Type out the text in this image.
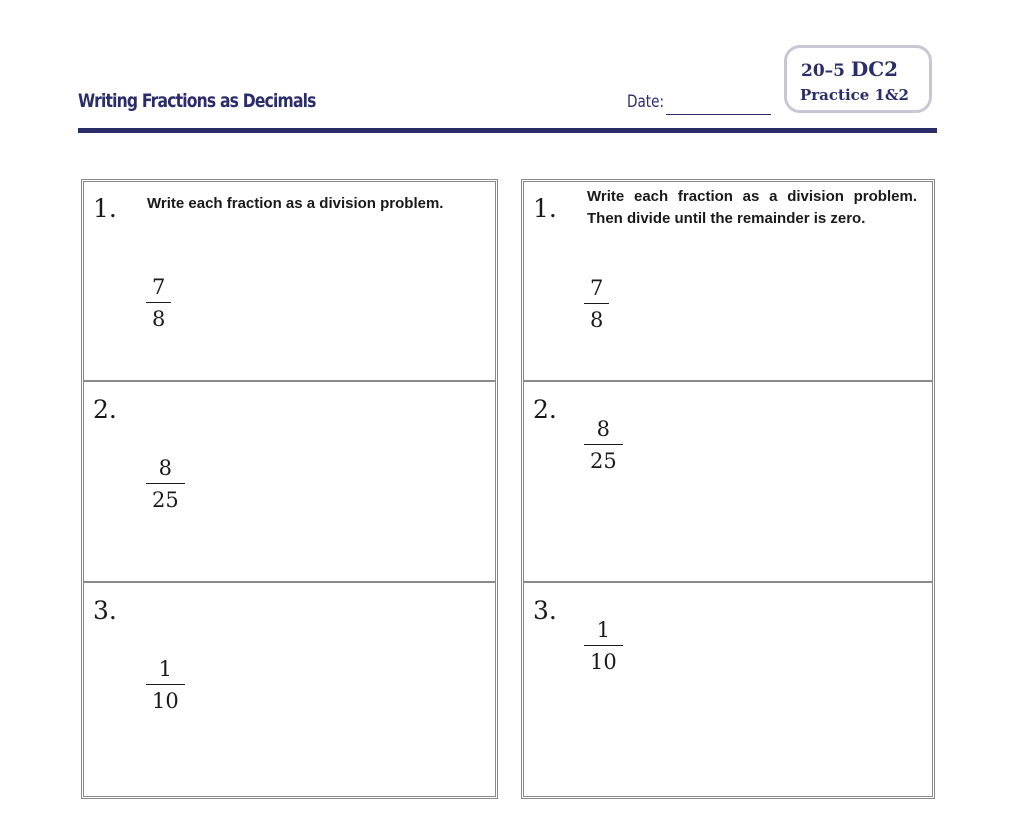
Writing Fractions as Decimals	Date:
20–5 DC2
Practice 1&2
1. Write each fraction as a division problem.
7
8
2.
8
25
3.
1
10
1. Write each fraction as a division problem. Then divide until the remainder is zero.
7
8
2.
8
25
3.
1
10
